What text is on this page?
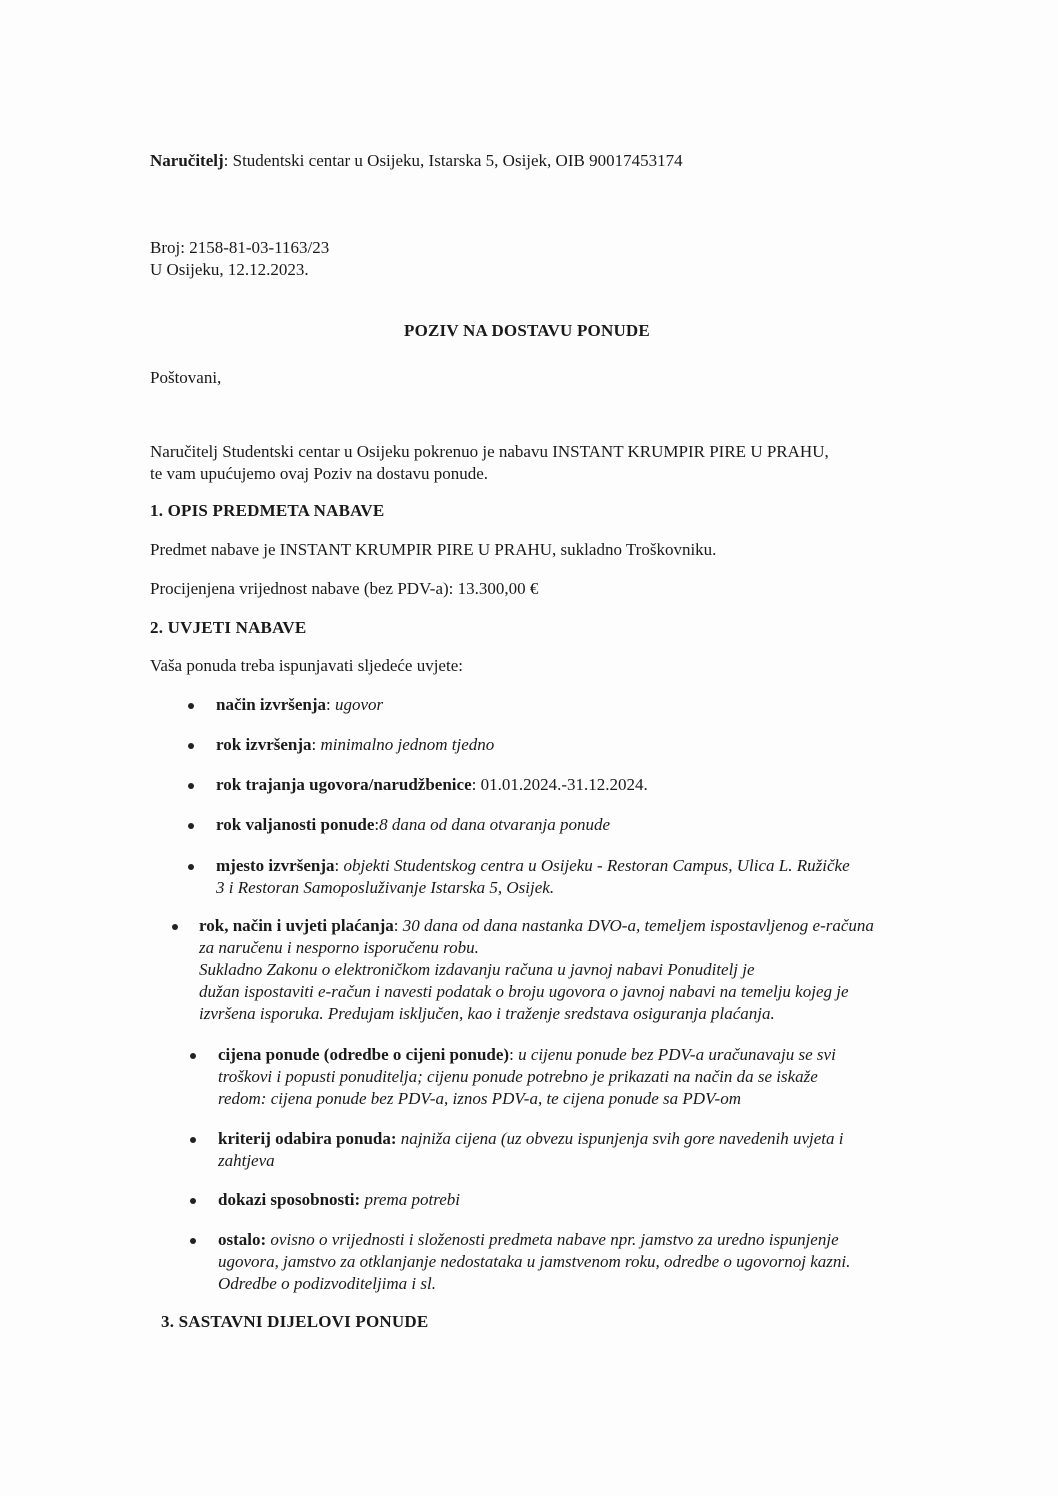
Naručitelj: Studentski centar u Osijeku, Istarska 5, Osijek, OIB 90017453174
Broj: 2158-81-03-1163/23
U Osijeku, 12.12.2023.
POZIV NA DOSTAVU PONUDE
Poštovani,
Naručitelj Studentski centar u Osijeku pokrenuo je nabavu INSTANT KRUMPIR PIRE U PRAHU,
te vam upućujemo ovaj Poziv na dostavu ponude.
1. OPIS PREDMETA NABAVE
Predmet nabave je INSTANT KRUMPIR PIRE U PRAHU, sukladno Troškovniku.
Procijenjena vrijednost nabave (bez PDV-a): 13.300,00 €
2. UVJETI NABAVE
Vaša ponuda treba ispunjavati sljedeće uvjete:
način izvršenja: ugovor
rok izvršenja: minimalno jednom tjedno
rok trajanja ugovora/narudžbenice: 01.01.2024.-31.12.2024.
rok valjanosti ponude:8 dana od dana otvaranja ponude
mjesto izvršenja: objekti Studentskog centra u Osijeku - Restoran Campus, Ulica L. Ružičke
3 i Restoran Samoposluživanje Istarska 5, Osijek.
rok, način i uvjeti plaćanja: 30 dana od dana nastanka DVO-a, temeljem ispostavljenog e-računa
za naručenu i nesporno isporučenu robu.
Sukladno Zakonu o elektroničkom izdavanju računa u javnoj nabavi Ponuditelj je
dužan ispostaviti e-račun i navesti podatak o broju ugovora o javnoj nabavi na temelju kojeg je
izvršena isporuka. Predujam isključen, kao i traženje sredstava osiguranja plaćanja.
cijena ponude (odredbe o cijeni ponude): u cijenu ponude bez PDV-a uračunavaju se svi
troškovi i popusti ponuditelja; cijenu ponude potrebno je prikazati na način da se iskaže
redom: cijena ponude bez PDV-a, iznos PDV-a, te cijena ponude sa PDV-om
kriterij odabira ponuda: najniža cijena (uz obvezu ispunjenja svih gore navedenih uvjeta i
zahtjeva
dokazi sposobnosti: prema potrebi
ostalo: ovisno o vrijednosti i složenosti predmeta nabave npr. jamstvo za uredno ispunjenje
ugovora, jamstvo za otklanjanje nedostataka u jamstvenom roku, odredbe o ugovornoj kazni.
Odredbe o podizvoditeljima i sl.
3. SASTAVNI DIJELOVI PONUDE
